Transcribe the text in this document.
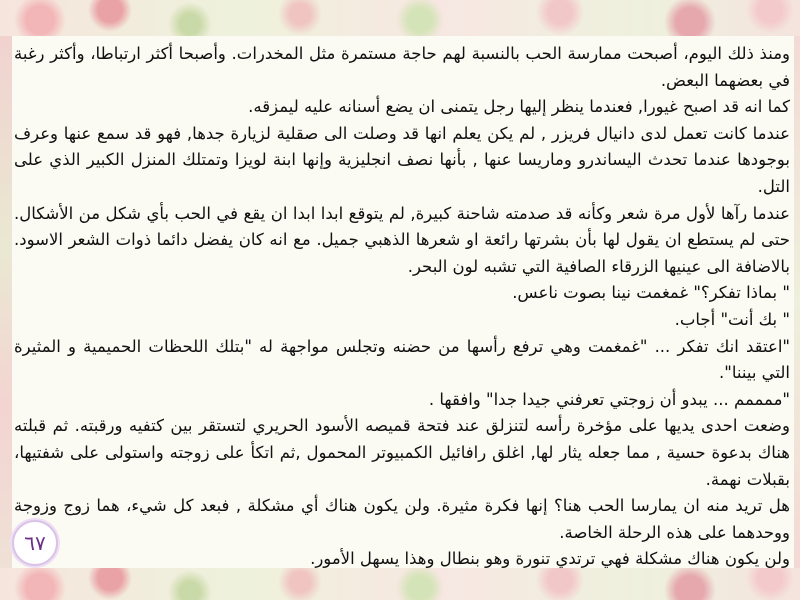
ومنذ ذلك اليوم، أصبحت ممارسة الحب بالنسبة لهم حاجة مستمرة مثل المخدرات. وأصبحا أكثر ارتباطا، وأكثر رغبة في بعضهما البعض.

كما انه قد اصبح غيورا, فعندما ينظر إليها رجل يتمنى ان يضع أسنانه عليه ليمزقه.

عندما كانت تعمل لدى دانيال فريزر , لم يكن يعلم انها قد وصلت الى صقلية لزيارة جدها, فهو قد سمع عنها وعرف بوجودها عندما تحدث اليساندرو وماريسا عنها , بأنها نصف انجليزية وإنها ابنة لويزا وتمتلك المنزل الكبير الذي على التل.

عندما رآها لأول مرة شعر وكأنه قد صدمته شاحنة كبيرة, لم يتوقع ابدا ابدا ان يقع في الحب بأي شكل من الأشكال. حتى لم يستطع ان يقول لها بأن بشرتها رائعة او شعرها الذهبي جميل. مع انه كان يفضل دائما ذوات الشعر الاسود. بالاضافة الى عينيها الزرقاء الصافية التي تشبه لون البحر.

" بماذا تفكر؟" غمغمت نينا بصوت ناعس.

" بك أنت" أجاب.

"اعتقد انك تفكر ... "غمغمت وهي ترفع رأسها من حضنه وتجلس مواجهة له "بتلك اللحظات الحميمية و المثيرة التي بيننا".

"ممممم ... يبدو أن زوجتي تعرفني جيدا جدا" وافقها .

وضعت احدى يديها على مؤخرة رأسه لتنزلق عند فتحة قميصه الأسود الحريري لتستقر بين كتفيه ورقبته. ثم قبلته هناك بدعوة حسية , مما جعله يثار لها, اغلق رافائيل الكمبيوتر المحمول ,ثم اتكأ على زوجته واستولى على شفتيها، بقبلات نهمة.

هل تريد منه ان يمارسا الحب هنا؟ إنها فكرة مثيرة. ولن يكون هناك أي مشكلة , فبعد كل شيء، هما زوج وزوجة ووحدهما على هذه الرحلة الخاصة.

ولن يكون هناك مشكلة فهي ترتدي تنورة وهو بنطال وهذا يسهل الأمور.

٦٧
